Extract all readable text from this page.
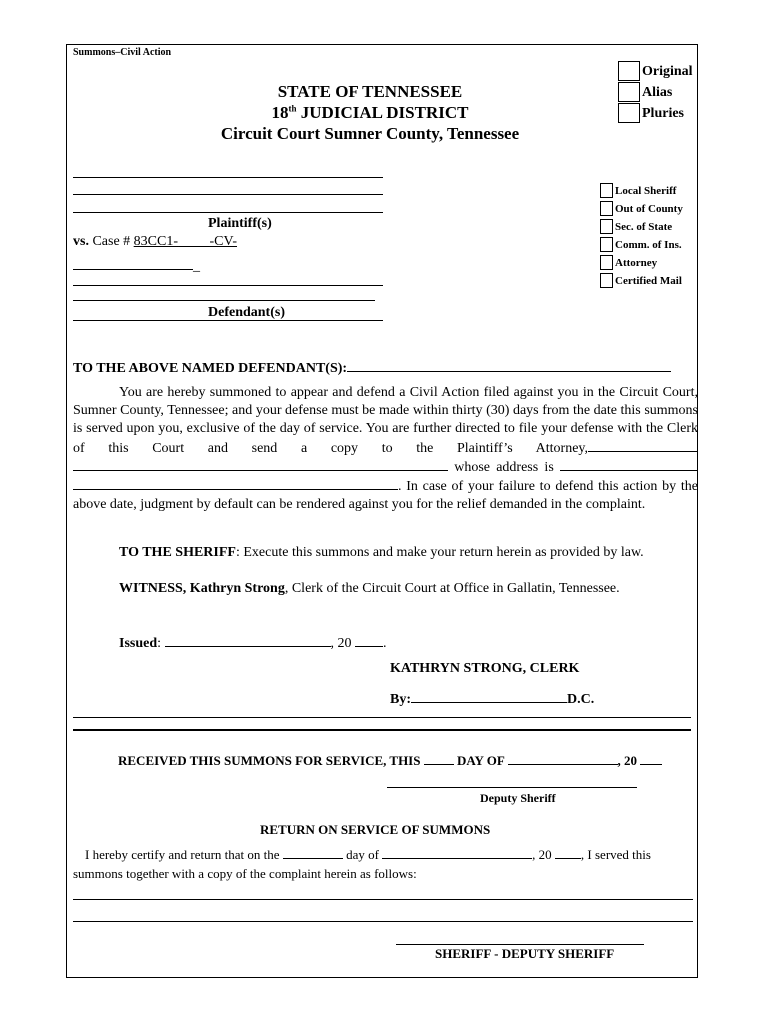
Summons–Civil Action
STATE OF TENNESSEE
18th JUDICIAL DISTRICT
Circuit Court Sumner County, Tennessee
Original
Alias
Pluries
Local Sheriff
Out of County
Sec. of State
Comm. of Ins.
Attorney
Certified Mail
Plaintiff(s)
vs. Case # 83CC1- -CV-
_
Defendant(s)
TO THE ABOVE NAMED DEFENDANT(S):

You are hereby summoned to appear and defend a Civil Action filed against you in the Circuit Court, Sumner County, Tennessee; and your defense must be made within thirty (30) days from the date this summons is served upon you, exclusive of the day of service. You are further directed to file your defense with the Clerk of this Court and send a copy to the Plaintiff’s Attorney,  whose address is  . In case of your failure to defend this action by the above date, judgment by default can be rendered against you for the relief demanded in the complaint.

TO THE SHERIFF: Execute this summons and make your return herein as provided by law.
WITNESS, Kathryn Strong, Clerk of the Circuit Court at Office in Gallatin, Tennessee.
Issued:	, 20 .
KATHRYN STRONG, CLERK
By:	D.C.
RECEIVED THIS SUMMONS FOR SERVICE, THIS  DAY OF	, 20
Deputy Sheriff
RETURN ON SERVICE OF SUMMONS
I hereby certify and return that on the	day of	, 20 , I served this
summons together with a copy of the complaint herein as follows:
SHERIFF - DEPUTY SHERIFF
